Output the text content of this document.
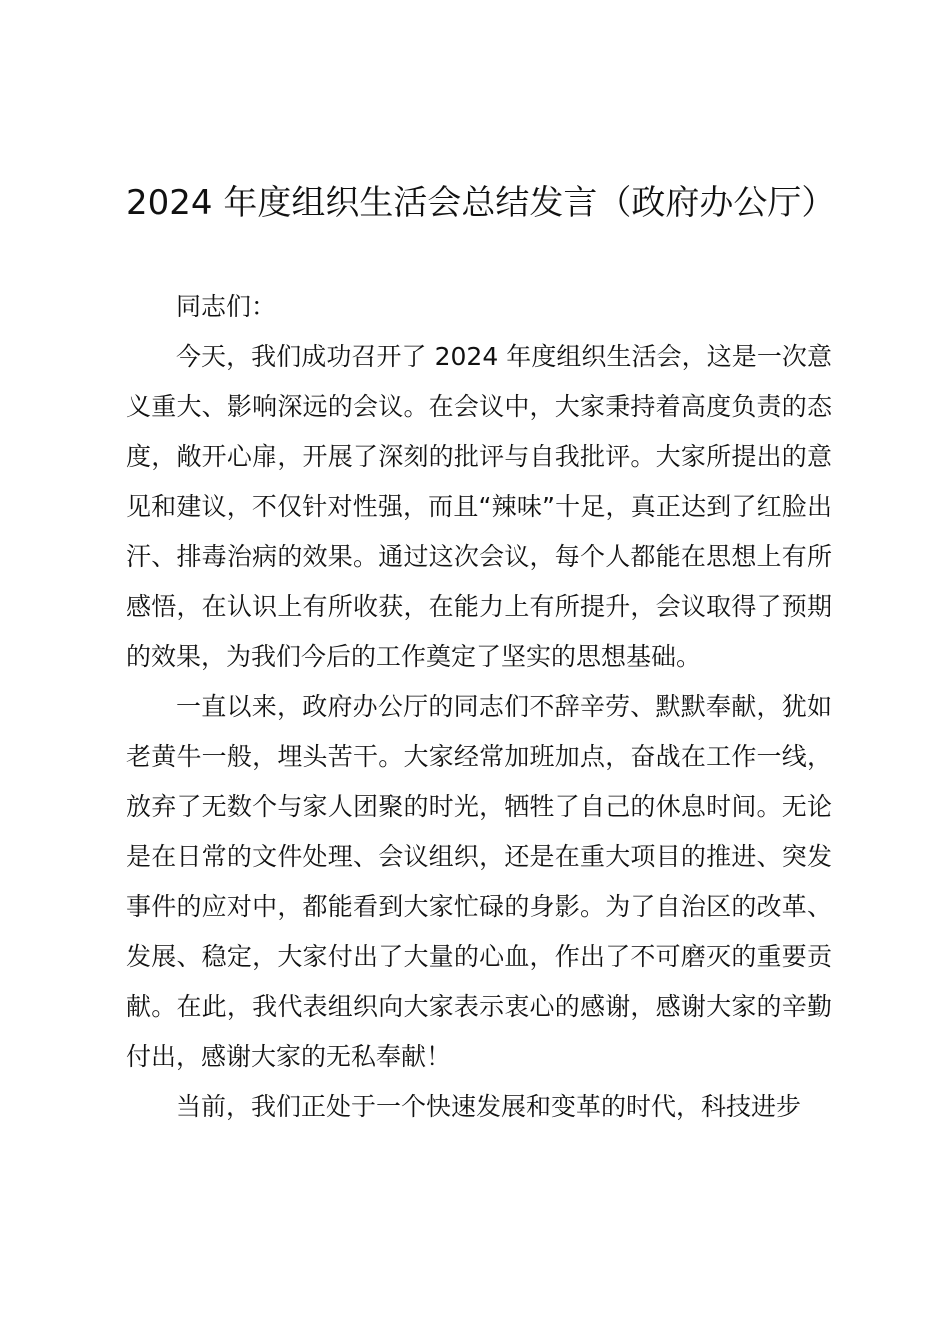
2024 年度组织生活会总结发言（政府办公厅）

同志们：

今天，我们成功召开了 2024 年度组织生活会，这是一次意义重大、影响深远的会议。在会议中，大家秉持着高度负责的态度，敞开心扉，开展了深刻的批评与自我批评。大家所提出的意见和建议，不仅针对性强，而且“辣味”十足，真正达到了红脸出汗、排毒治病的效果。通过这次会议，每个人都能在思想上有所感悟，在认识上有所收获，在能力上有所提升，会议取得了预期的效果，为我们今后的工作奠定了坚实的思想基础。

一直以来，政府办公厅的同志们不辞辛劳、默默奉献，犹如老黄牛一般，埋头苦干。大家经常加班加点，奋战在工作一线，放弃了无数个与家人团聚的时光，牺牲了自己的休息时间。无论是在日常的文件处理、会议组织，还是在重大项目的推进、突发事件的应对中，都能看到大家忙碌的身影。为了自治区的改革、发展、稳定，大家付出了大量的心血，作出了不可磨灭的重要贡献。在此，我代表组织向大家表示衷心的感谢，感谢大家的辛勤付出，感谢大家的无私奉献！

当前，我们正处于一个快速发展和变革的时代，科技进步
